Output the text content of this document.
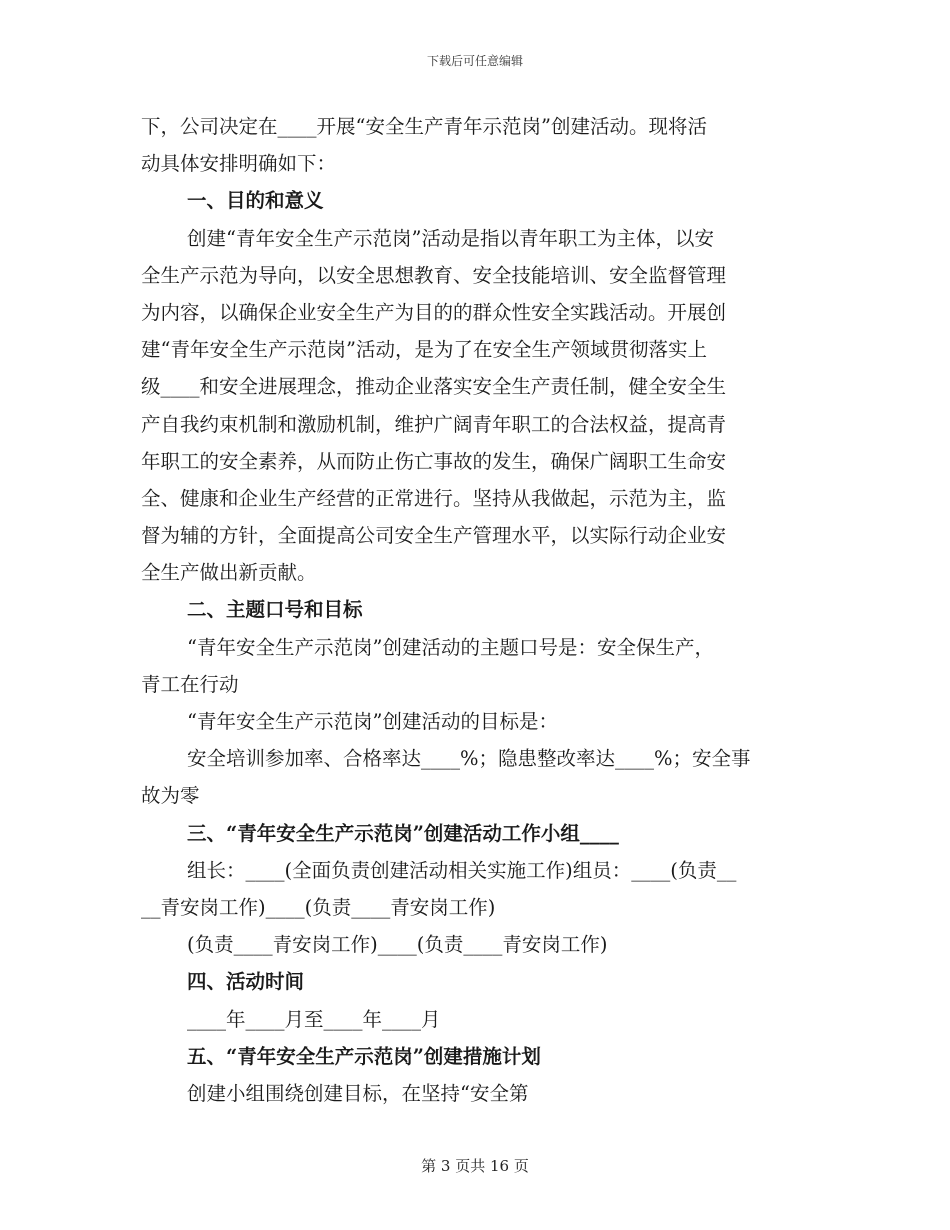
下载后可任意编辑
下，公司决定在____开展“安全生产青年示范岗”创建活动。现将活
动具体安排明确如下：
一、目的和意义
创建“青年安全生产示范岗”活动是指以青年职工为主体，以安
全生产示范为导向，以安全思想教育、安全技能培训、安全监督管理
为内容，以确保企业安全生产为目的的群众性安全实践活动。开展创
建“青年安全生产示范岗”活动，是为了在安全生产领域贯彻落实上
级____和安全进展理念，推动企业落实安全生产责任制，健全安全生
产自我约束机制和激励机制，维护广阔青年职工的合法权益，提高青
年职工的安全素养，从而防止伤亡事故的发生，确保广阔职工生命安
全、健康和企业生产经营的正常进行。坚持从我做起，示范为主，监
督为辅的方针，全面提高公司安全生产管理水平，以实际行动企业安
全生产做出新贡献。
二、主题口号和目标
“青年安全生产示范岗”创建活动的主题口号是：安全保生产，
青工在行动
“青年安全生产示范岗”创建活动的目标是：
安全培训参加率、合格率达____%；隐患整改率达____%；安全事
故为零
三、“青年安全生产示范岗”创建活动工作小组____
组长：____(全面负责创建活动相关实施工作)组员：____(负责__
__青安岗工作)____(负责____青安岗工作)
(负责____青安岗工作)____(负责____青安岗工作)
四、活动时间
____年____月至____年____月
五、“青年安全生产示范岗”创建措施计划
创建小组围绕创建目标，在坚持“安全第
第 3 页共 16 页
